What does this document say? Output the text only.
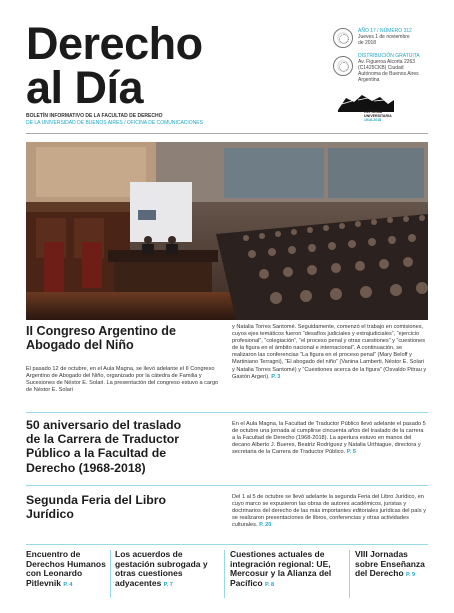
Derecho
al Día
BOLETÍN INFORMATIVO DE LA FACULTAD DE DERECHO
DE LA UNIVERSIDAD DE BUENOS AIRES / OFICINA DE COMUNICACIONES
AÑO 17 / NÚMERO 312
Jueves 1 de noviembre
de 2018
DISTRIBUCIÓN GRATUITA
Av. Figueroa Alcorta 2263
(C1425CKB) Ciudad
Autónoma de Buenos Aires
Argentina
REFORMA
UNIVERSITARIA
1918-2018
II Congreso Argentino de
Abogado del Niño
El pasado 12 de octubre, en el Aula Magna, se llevó adelante el II Congreso Argentino de Abogado del Niño, organizado por la cátedra de Familia y Sucesiones de Néstor E. Solari. La presentación del congreso estuvo a cargo de Néstor E. Solari
y Natalia Torres Santomé. Seguidamente, comenzó el trabajo en comisiones, cuyos ejes temáticos fueron “desafíos judiciales y extrajudiciales”, “ejercicio profesional”, “colegiación”, “el proceso penal y otras cuestiones” y “cuestiones de la figura en el ámbito nacional e internacional”. A continuación, se realizaron las conferencias “La figura en el proceso penal” (Mary Beloff y Martiniano Terragni), “El abogado del niño” (Vanina Lamberti, Néstor E. Solari y Natalia Torres Santomé) y “Cuestiones acerca de la figura” (Osvaldo Pitrau y Gastón Argeri). P. 3
50 aniversario del traslado
de la Carrera de Traductor
Público a la Facultad de
Derecho (1968-2018)
En el Aula Magna, la Facultad de Traductor Público llevó adelante el pasado 5 de octubre una jornada al cumplirse cincuenta años del traslado de la carrera a la Facultad de Derecho (1968-2018). La apertura estuvo en manos del decano Alberto J. Bueres, Beatriz Rodríguez y Natalia Urthiague, directora y secretaria de la Carrera de Traductor Público. P. 5
Segunda Feria del Libro
Jurídico
Del 1 al 5 de octubre se llevó adelante la segunda Feria del Libro Jurídico, en cuyo marco se expusieron las obras de autores académicos, juristas y doctrinarios del derecho de las más importantes editoriales jurídicas del país y se realizaron presentaciones de libros, conferencias y otras actividades culturales. P. 20
Encuentro de Derechos Humanos con Leonardo Pitlevnik P. 4
Los acuerdos de gestación subrogada y otras cuestiones adyacentes P. 7
Cuestiones actuales de integración regional: UE, Mercosur y la Alianza del Pacífico P. 8
VIII Jornadas sobre Enseñanza del Derecho P. 9
